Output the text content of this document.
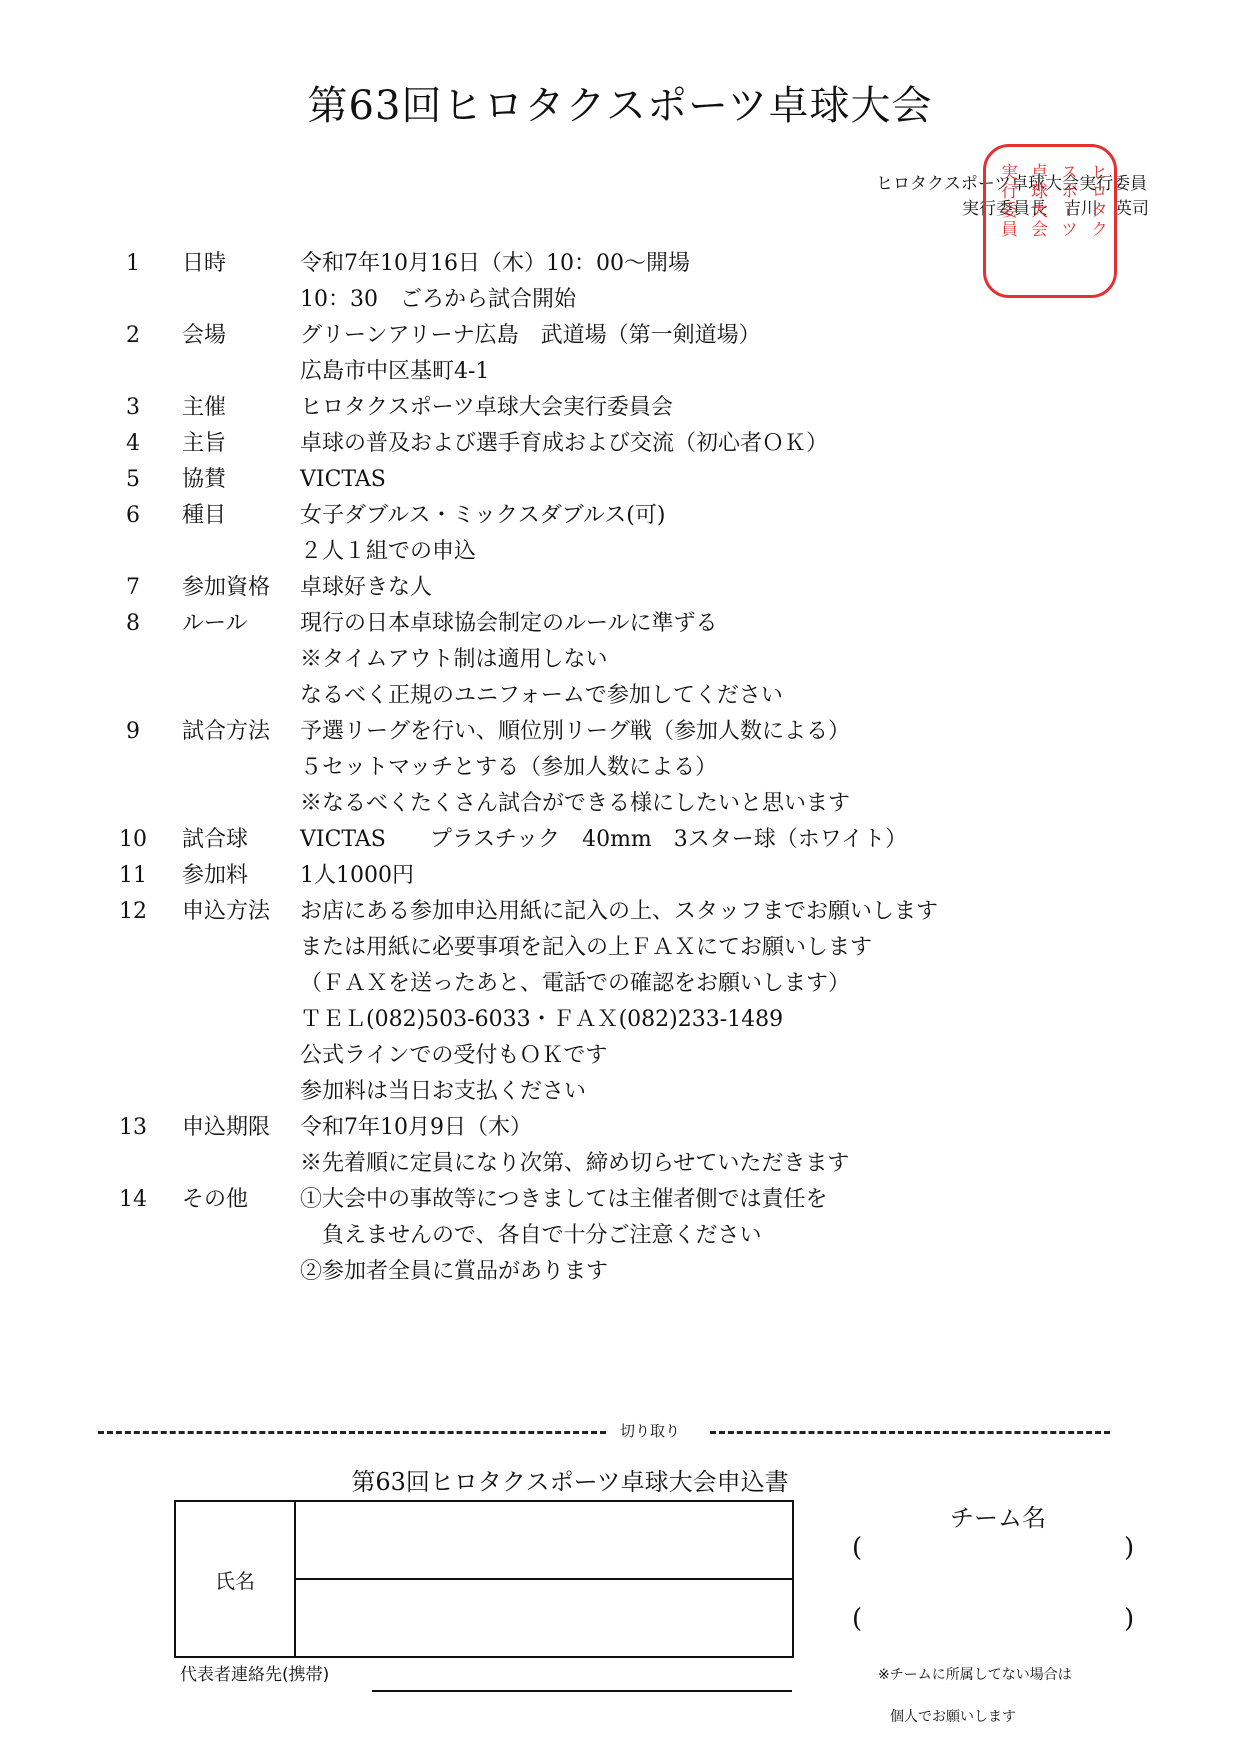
第63回ヒロタクスポーツ卓球大会
ヒロタクスポーツ卓球大会実行委員
実行委員長　吉川　英司
ヒロタク
スポーツ
卓球大会
実行委員
1	日時	令和7年10月16日（木）10：00〜開場
10：30　ごろから試合開始
2	会場	グリーンアリーナ広島　武道場（第一剣道場）
広島市中区基町4-1
3	主催	ヒロタクスポーツ卓球大会実行委員会
4	主旨	卓球の普及および選手育成および交流（初心者ＯＫ）
5	協賛	VICTAS
6	種目	女子ダブルス・ミックスダブルス(可)
２人１組での申込
7	参加資格 卓球好きな人
8	ルール 現行の日本卓球協会制定のルールに準ずる
※タイムアウト制は適用しない
なるべく正規のユニフォームで参加してください
9	試合方法 予選リーグを行い、順位別リーグ戦（参加人数による）
５セットマッチとする（参加人数による）
※なるべくたくさん試合ができる様にしたいと思います
10 試合球 VICTAS　　プラスチック　40mm　3スター球（ホワイト）
11 参加料 1人1000円
12 申込方法 お店にある参加申込用紙に記入の上、スタッフまでお願いします
または用紙に必要事項を記入の上ＦＡＸにてお願いします
（ＦＡＸを送ったあと、電話での確認をお願いします）
ＴＥＬ(082)503-6033・ＦＡＸ(082)233-1489
公式ラインでの受付もＯＫです
参加料は当日お支払ください
13 申込期限 令和7年10月9日（木）
※先着順に定員になり次第、締め切らせていただきます
14 その他 ①大会中の事故等につきましては主催者側では責任を
　負えませんので、各自で十分ご注意ください
②参加者全員に賞品があります
切り取り
第63回ヒロタクスポーツ卓球大会申込書
氏名	

代表者連絡先(携帯)
チーム名
(	)
(	)
※チームに所属してない場合は
個人でお願いします
